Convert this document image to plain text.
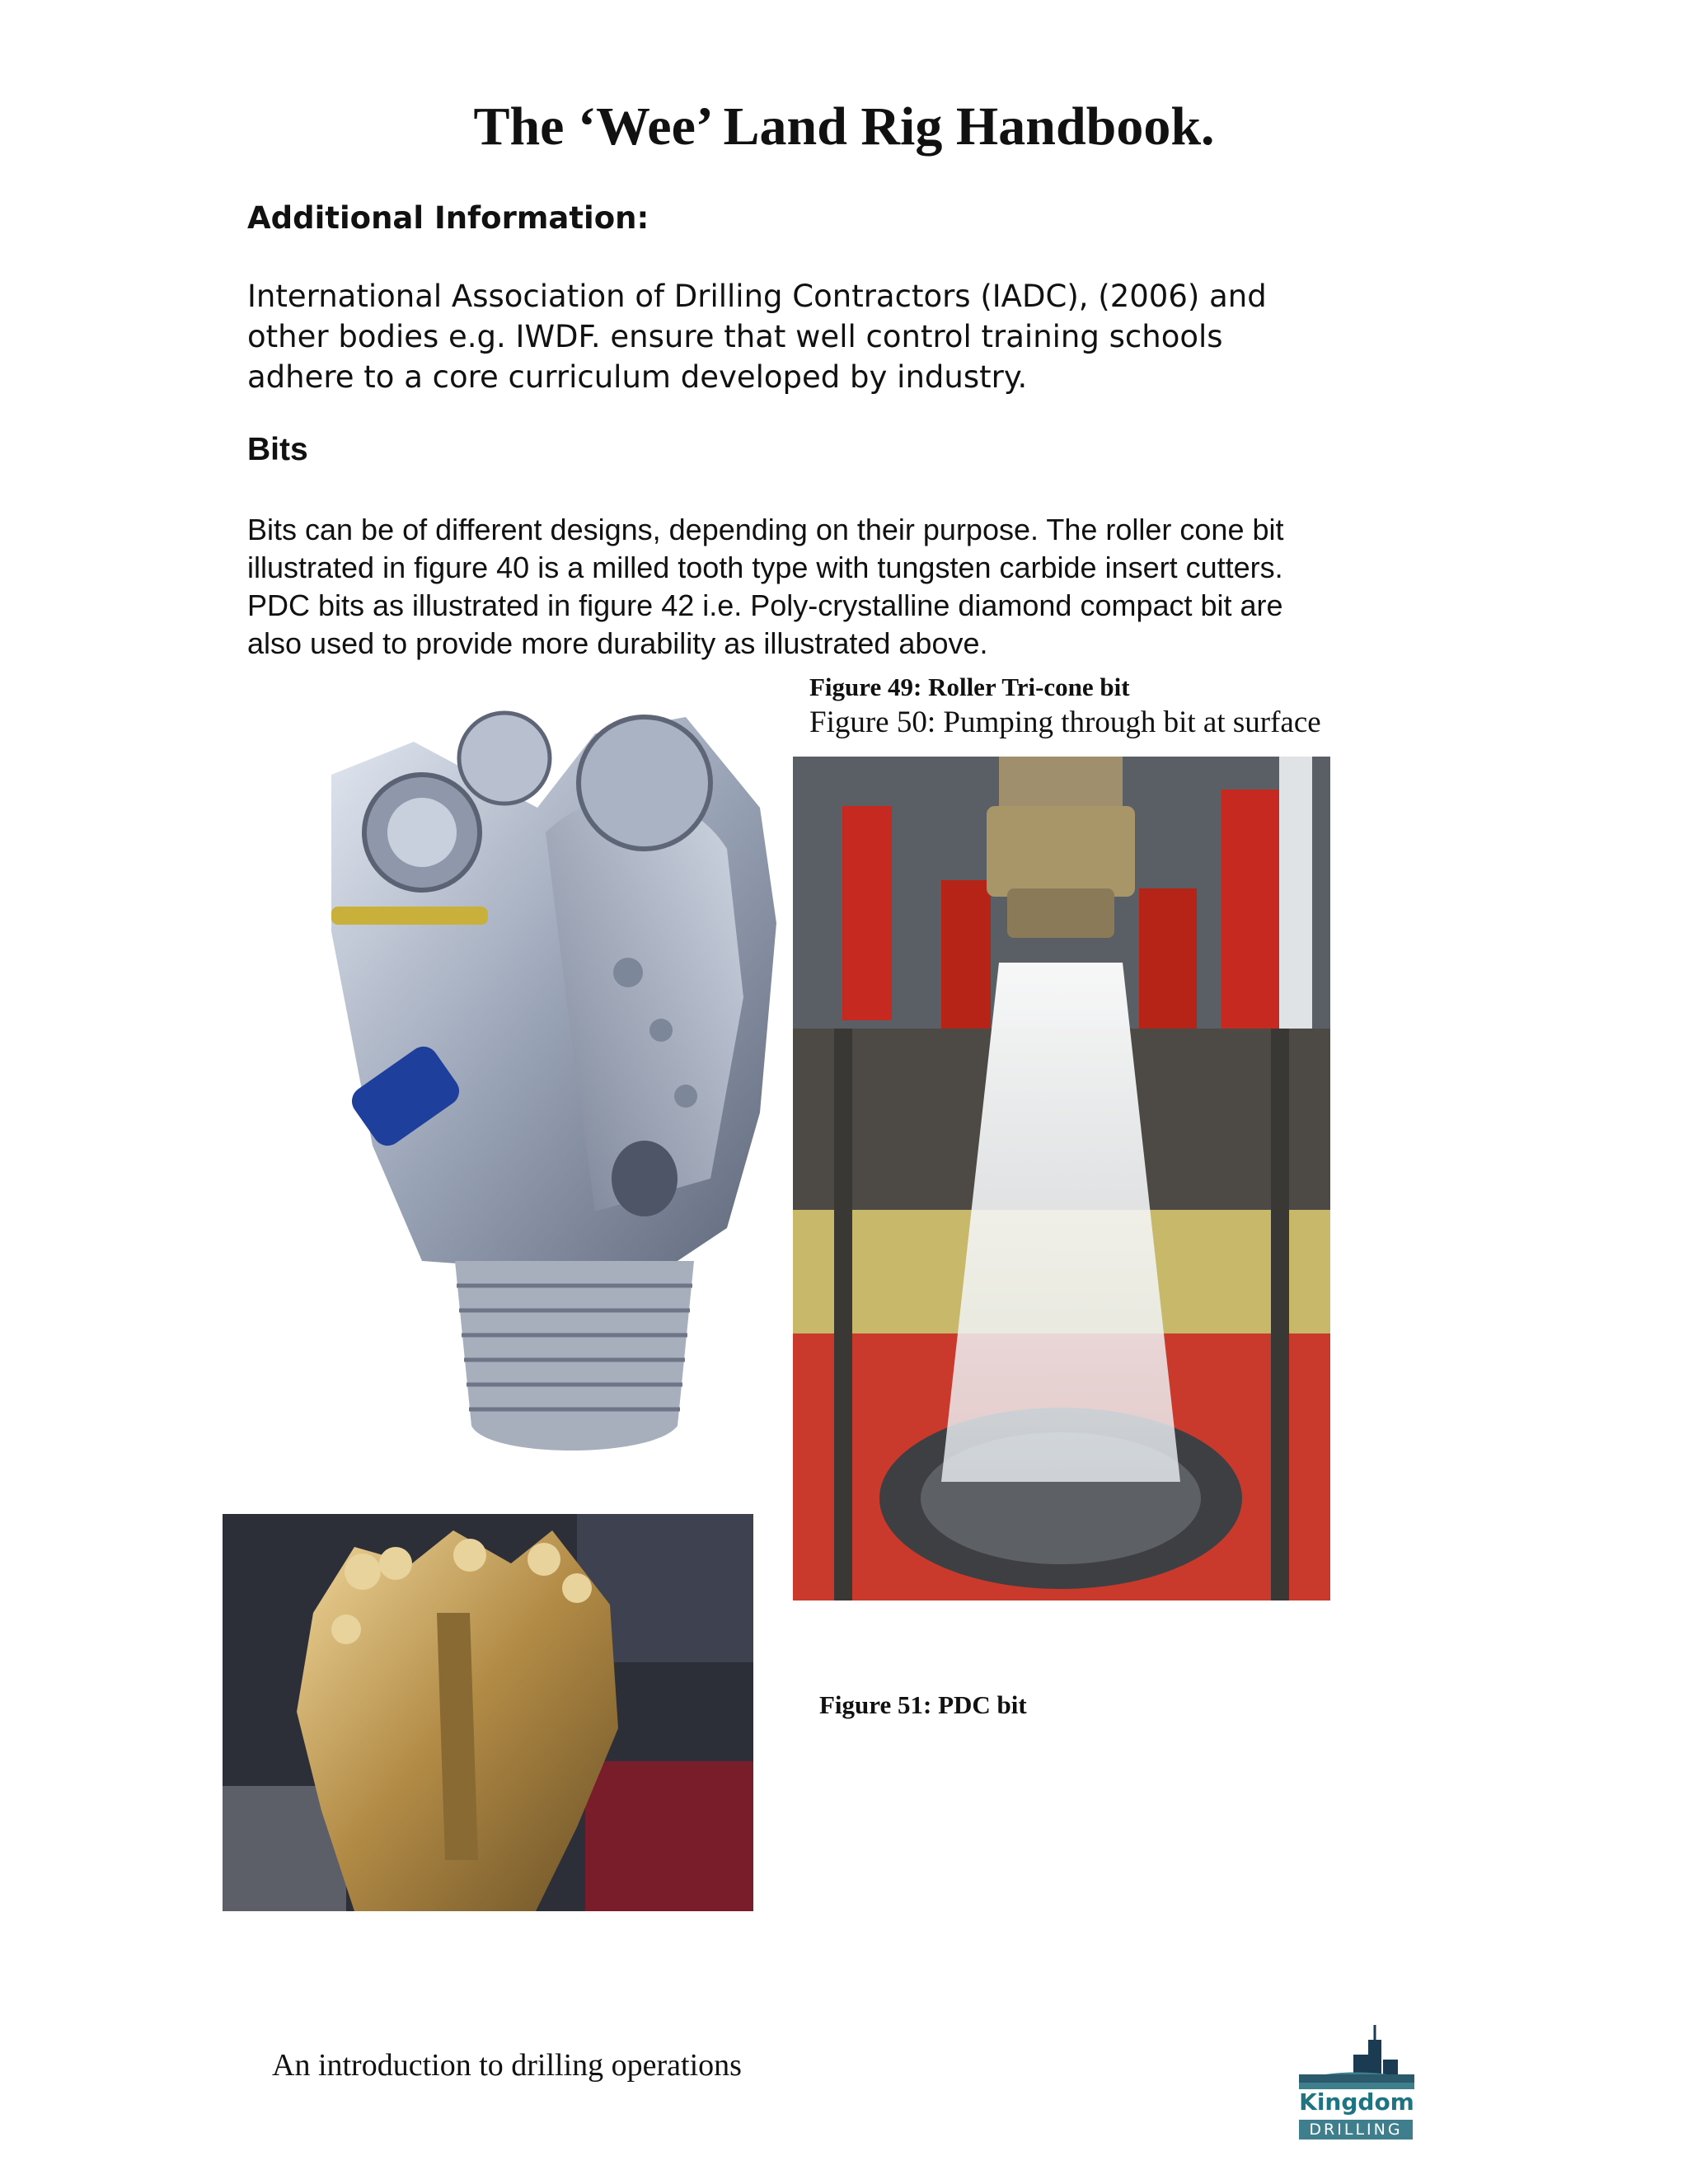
The ‘Wee’ Land Rig Handbook.
Additional Information:
International Association of Drilling Contractors (IADC), (2006) and
other bodies e.g. IWDF. ensure that well control training schools
adhere to a core curriculum developed by industry.
Bits
Bits can be of different designs, depending on their purpose. The roller cone bit
illustrated in figure 40 is a milled tooth type with tungsten carbide insert cutters.
PDC bits as illustrated in figure 42 i.e. Poly-crystalline diamond compact bit are
also used to provide more durability as illustrated above.
Figure 49: Roller Tri-cone bit
Figure 50: Pumping through bit at surface
Figure 51: PDC bit
An introduction to drilling operations
Kingdom
DRILLING
